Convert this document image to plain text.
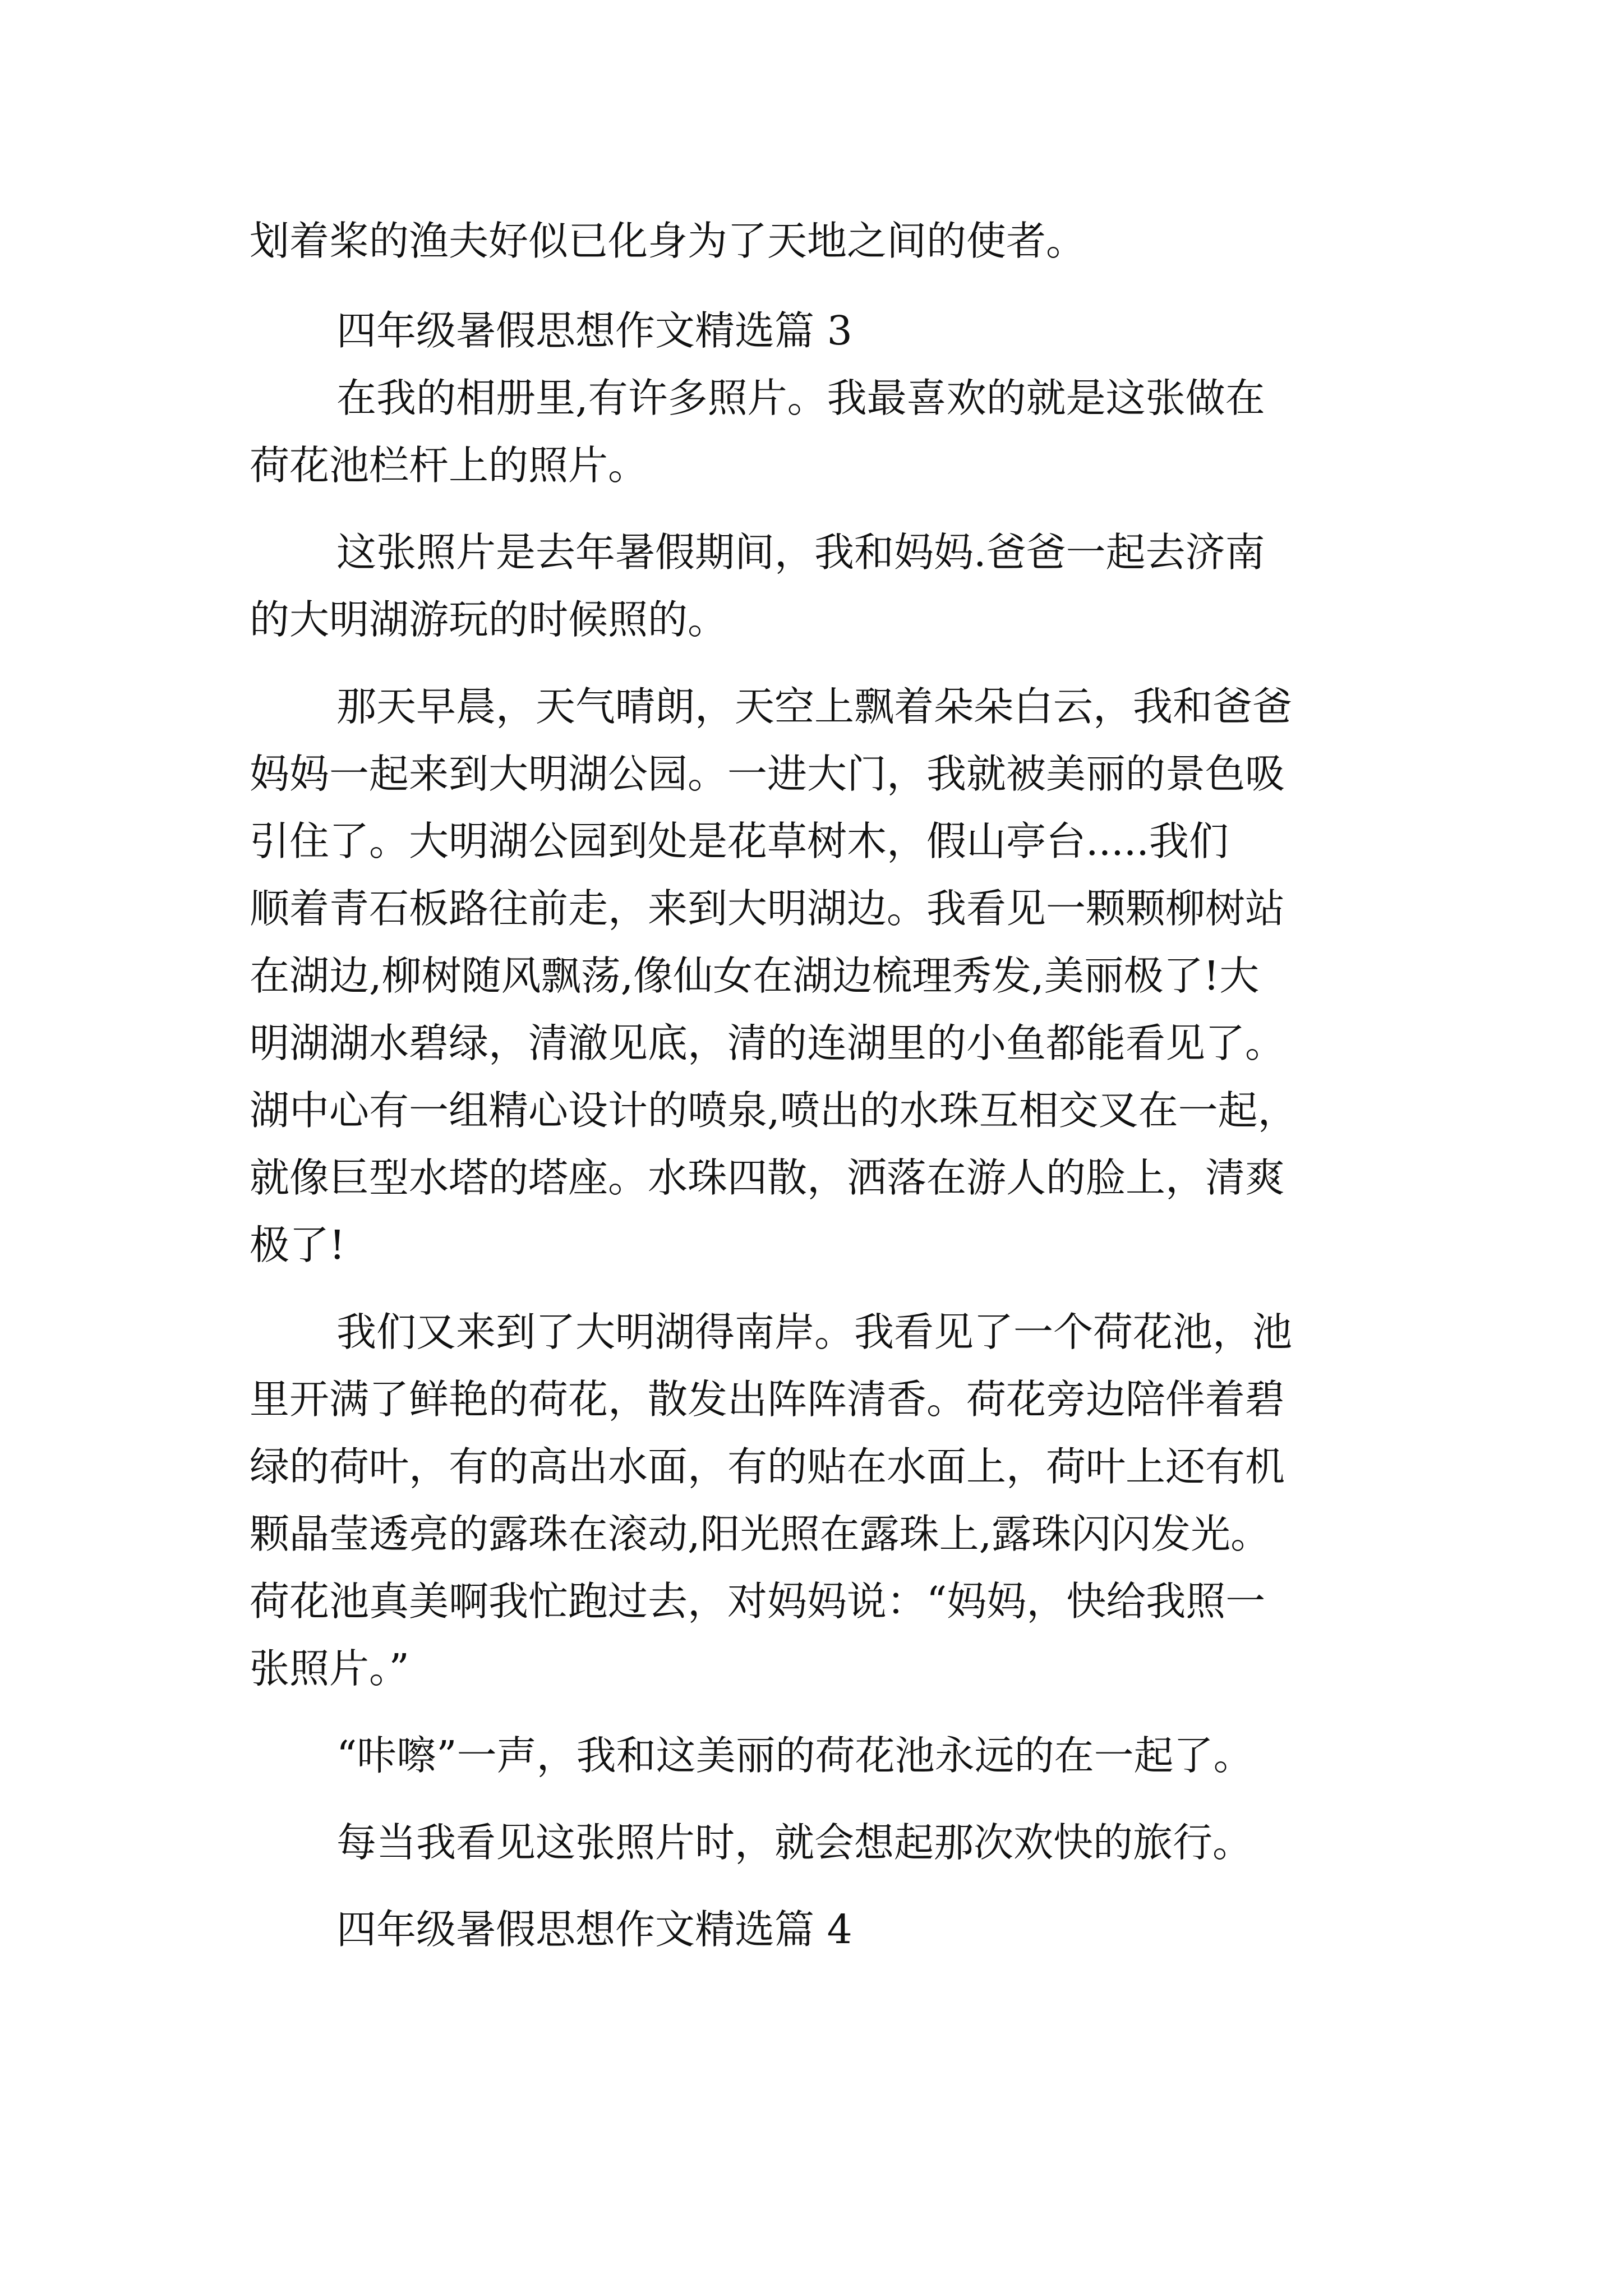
划着桨的渔夫好似已化身为了天地之间的使者。

四年级暑假思想作文精选篇 3

在我的相册里,有许多照片。我最喜欢的就是这张做在

荷花池栏杆上的照片。

这张照片是去年暑假期间，我和妈妈.爸爸一起去济南

的大明湖游玩的时候照的。

那天早晨，天气晴朗，天空上飘着朵朵白云，我和爸爸

妈妈一起来到大明湖公园。一进大门，我就被美丽的景色吸

引住了。大明湖公园到处是花草树木，假山亭台.....我们

顺着青石板路往前走，来到大明湖边。我看见一颗颗柳树站

在湖边,柳树随风飘荡,像仙女在湖边梳理秀发,美丽极了!大

明湖湖水碧绿，清澈见底，清的连湖里的小鱼都能看见了。

湖中心有一组精心设计的喷泉,喷出的水珠互相交叉在一起，

就像巨型水塔的塔座。水珠四散，洒落在游人的脸上，清爽

极了!

我们又来到了大明湖得南岸。我看见了一个荷花池，池

里开满了鲜艳的荷花，散发出阵阵清香。荷花旁边陪伴着碧

绿的荷叶，有的高出水面，有的贴在水面上，荷叶上还有机

颗晶莹透亮的露珠在滚动,阳光照在露珠上,露珠闪闪发光。

荷花池真美啊我忙跑过去，对妈妈说：“妈妈，快给我照一

张照片。”

“咔嚓”一声，我和这美丽的荷花池永远的在一起了。

每当我看见这张照片时，就会想起那次欢快的旅行。

四年级暑假思想作文精选篇 4
